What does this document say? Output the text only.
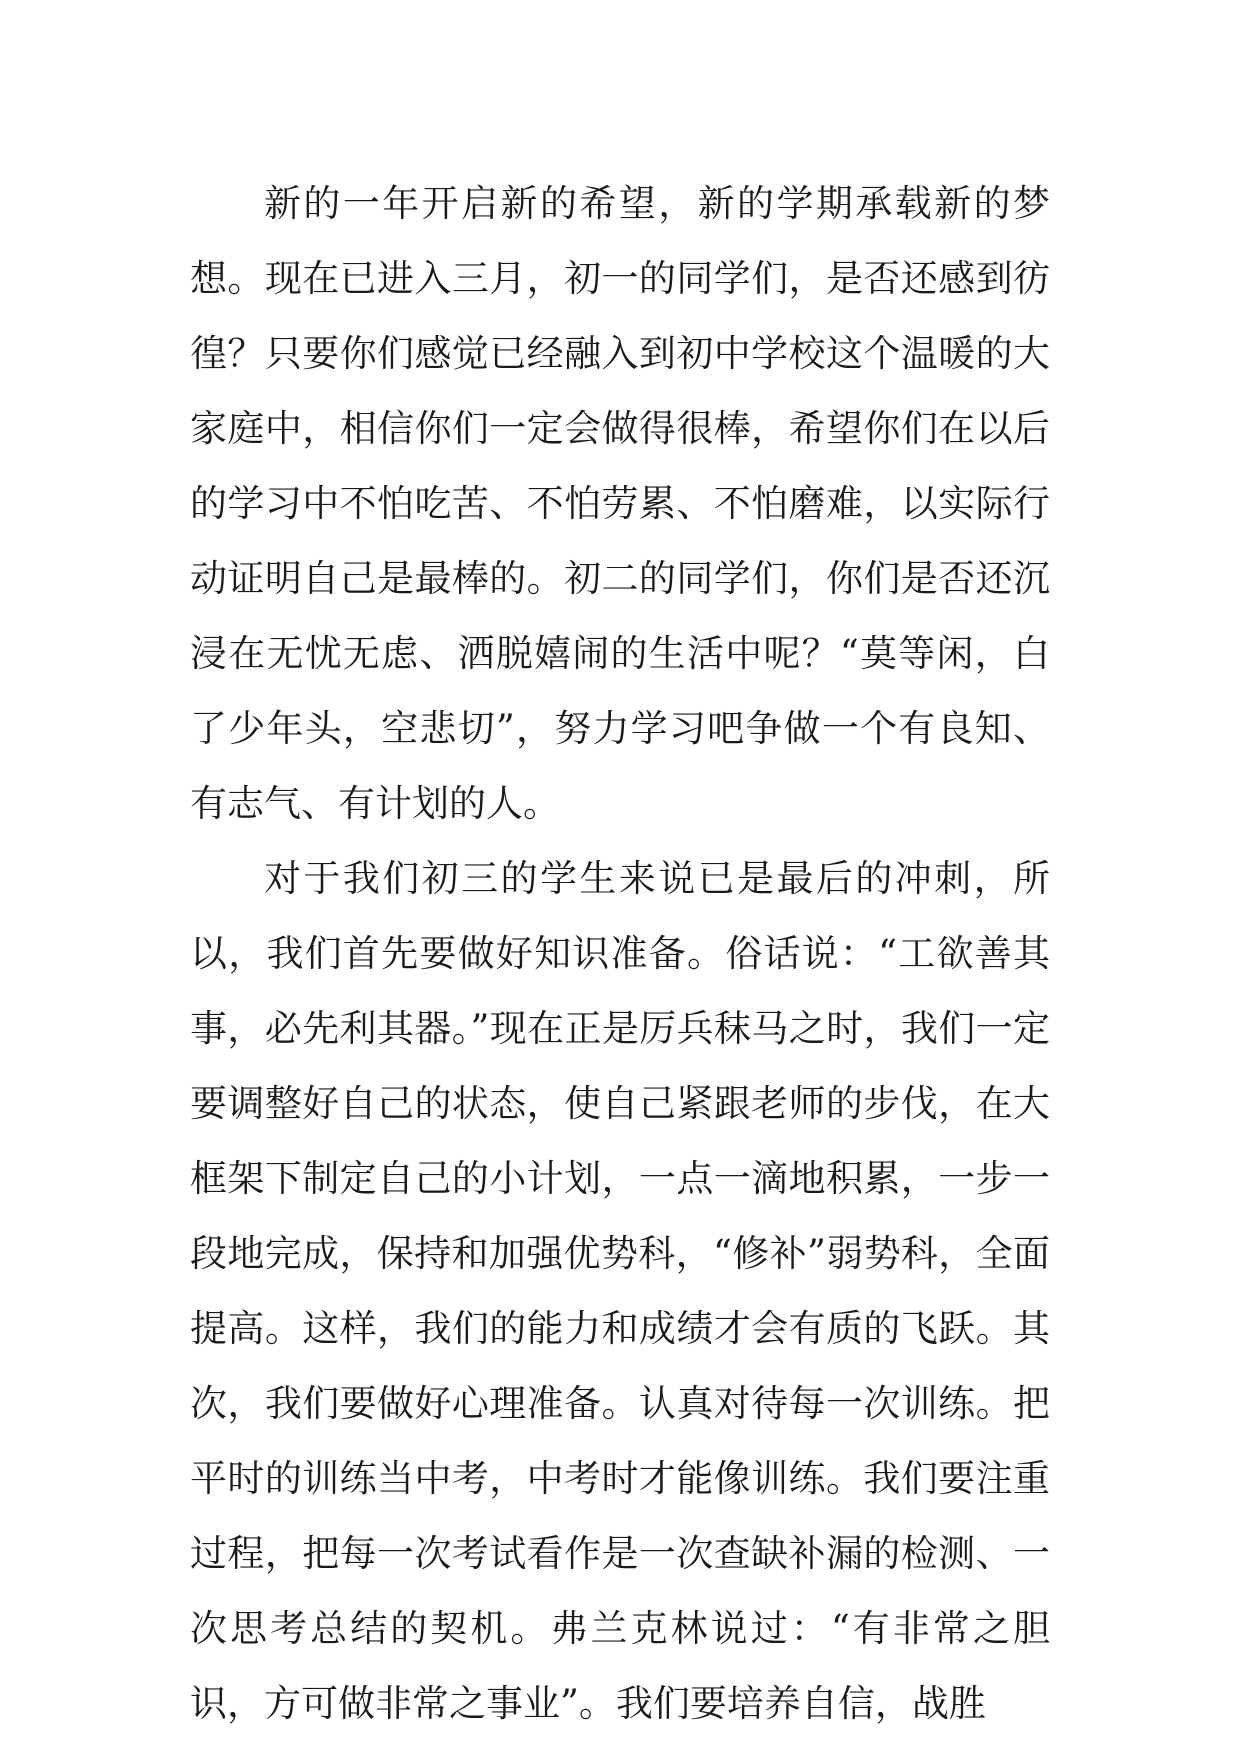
新的一年开启新的希望，新的学期承载新的梦想。现在已进入三月，初一的同学们，是否还感到彷徨？只要你们感觉已经融入到初中学校这个温暖的大家庭中，相信你们一定会做得很棒，希望你们在以后的学习中不怕吃苦、不怕劳累、不怕磨难，以实际行动证明自己是最棒的。初二的同学们，你们是否还沉浸在无忧无虑、洒脱嬉闹的生活中呢？“莫等闲，白了少年头，空悲切”，努力学习吧争做一个有良知、有志气、有计划的人。

对于我们初三的学生来说已是最后的冲刺，所以，我们首先要做好知识准备。俗话说：“工欲善其事，必先利其器。”现在正是厉兵秣马之时，我们一定要调整好自己的状态，使自己紧跟老师的步伐，在大框架下制定自己的小计划，一点一滴地积累，一步一段地完成，保持和加强优势科，“修补”弱势科，全面提高。这样，我们的能力和成绩才会有质的飞跃。其次，我们要做好心理准备。认真对待每一次训练。把平时的训练当中考，中考时才能像训练。我们要注重过程，把每一次考试看作是一次查缺补漏的检测、一次思考总结的契机。弗兰克林说过：“有非常之胆识，方可做非常之事业”。我们要培养自信，战胜
